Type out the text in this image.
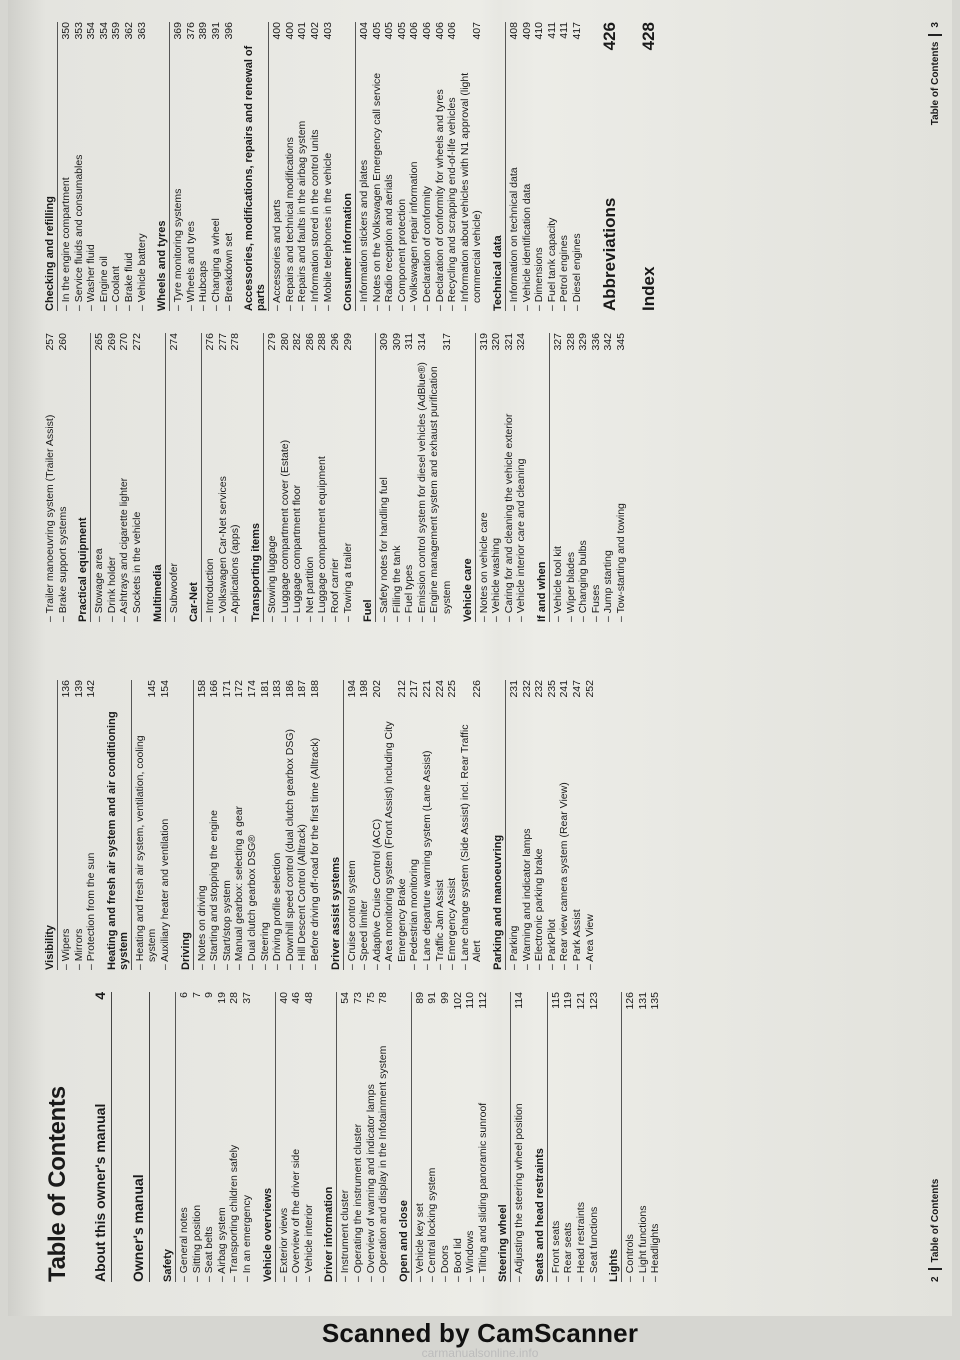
Table of Contents About this owner's manual
4
Owner's manual Safety – General notes
6
– Sitting position
7
– Seat belts
9
– Airbag system
19
– Transporting children safely
28
– In an emergency
37
Vehicle overviews – Exterior views
40
– Overview of the driver side
46
– Vehicle interior
48
Driver information – Instrument cluster
54
– Operating the instrument cluster
73
– Overview of warning and indicator lamps
75
– Operation and display in the Infotainment system
78
Open and close – Vehicle key set
89
– Central locking system
91
– Doors
99
– Boot lid
102
– Windows
110
– Tilting and sliding panoramic sunroof
112
Steering wheel – Adjusting the steering wheel position
114
Seats and head restraints – Front seats
115
– Rear seats
119
– Head restraints
121
– Seat functions
123
Lights – Controls
126
– Light functions
131
– Headlights
135
Visibility – Wipers
136
– Mirrors
139
– Protection from the sun
142
Heating and fresh air system and air conditioning system – Heating and fresh air system, ventilation, cooling system
145
– Auxiliary heater and ventilation
154
Driving – Notes on driving
158
– Starting and stopping the engine
166
– Start/stop system
171
– Manual gearbox: selecting a gear
172
– Dual clutch gearbox DSG®
174
– Steering
181
– Driving profile selection
183
– Downhill speed control (dual clutch gearbox DSG)
186
– Hill Descent Control (Alltrack)
187
– Before driving off-road for the first time (Alltrack)
188
Driver assist systems – Cruise control system
194
– Speed limiter
198
– Adaptive Cruise Control (ACC)
202
– Area monitoring system (Front Assist) including City Emergency Brake
212
– Pedestrian monitoring
217
– Lane departure warning system (Lane Assist)
221
– Traffic Jam Assist
224
– Emergency Assist
225
– Lane change system (Side Assist) incl. Rear Traffic Alert
226
Parking and manoeuvring – Parking
231
– Warning and indicator lamps
232
– Electronic parking brake
232
– ParkPilot
235
– Rear view camera system (Rear View)
241
– Park Assist
247
– Area View
252
2
Table of Contents
– Trailer manoeuvring system (Trailer Assist)
257
– Brake support systems
260
Practical equipment – Stowage area
265
– Drink holder
269
– Ashtrays and cigarette lighter
270
– Sockets in the vehicle
272
Multimedia – Subwoofer
274
Car-Net – Introduction
276
– Volkswagen Car-Net services
277
– Applications (apps)
278
Transporting items – Stowing luggage
279
– Luggage compartment cover (Estate)
280
– Luggage compartment floor
282
– Net partition
286
– Luggage compartment equipment
288
– Roof carrier
296
– Towing a trailer
299
Fuel – Safety notes for handling fuel
309
– Filling the tank
309
– Fuel types
311
– Emission control system for diesel vehicles (AdBlue®)
314
– Engine management system and exhaust purification system
317
Vehicle care – Notes on vehicle care
319
– Vehicle washing
320
– Caring for and cleaning the vehicle exterior
321
– Vehicle interior care and cleaning
324
If and when – Vehicle tool kit
327
– Wiper blades
328
– Changing bulbs
329
– Fuses
336
– Jump starting
342
– Tow-starting and towing
345
Checking and refilling – In the engine compartment
350
– Service fluids and consumables
353
– Washer fluid
354
– Engine oil
354
– Coolant
359
– Brake fluid
362
– Vehicle battery
363
Wheels and tyres – Tyre monitoring systems
369
– Wheels and tyres
376
– Hubcaps
389
– Changing a wheel
391
– Breakdown set
396
Accessories, modifications, repairs and renewal of parts – Accessories and parts
400
– Repairs and technical modifications
400
– Repairs and faults in the airbag system
401
– Information stored in the control units
402
– Mobile telephones in the vehicle
403
Consumer information – Information stickers and plates
404
– Notes on the Volkswagen Emergency call service
405
– Radio reception and aerials
405
– Component protection
405
– Volkswagen repair information
406
– Declaration of conformity
406
– Declaration of conformity for wheels and tyres
406
– Recycling and scrapping end-of-life vehicles
406
– Information about vehicles with N1 approval (light commercial vehicle)
407
Technical data – Information on technical data
408
– Vehicle identification data
409
– Dimensions
410
– Fuel tank capacity
411
– Petrol engines
411
– Diesel engines
417
Abbreviations
426
Index
428
Table of Contents
3
Scanned by CamScanner
carmanualsonline.info
